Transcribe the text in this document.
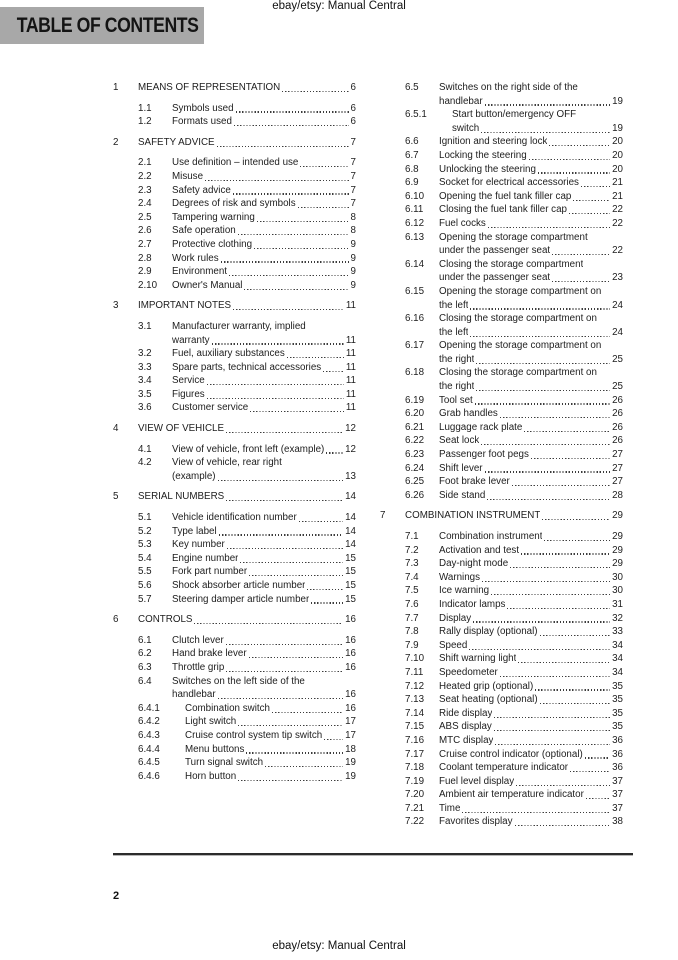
ebay/etsy: Manual Central
TABLE OF CONTENTS
1	MEANS OF REPRESENTATION	6
1.1	Symbols used	6
1.2	Formats used	6
2	SAFETY ADVICE	7
2.1	Use definition – intended use	7
2.2	Misuse	7
2.3	Safety advice	7
2.4	Degrees of risk and symbols	7
2.5	Tampering warning	8
2.6	Safe operation	8
2.7	Protective clothing	9
2.8	Work rules	9
2.9	Environment	9
2.10	Owner's Manual	9
3	IMPORTANT NOTES	11
3.1	Manufacturer warranty, implied
warranty	11
3.2	Fuel, auxiliary substances	11
3.3	Spare parts, technical accessories	11
3.4	Service	11
3.5	Figures	11
3.6	Customer service	11
4	VIEW OF VEHICLE	12
4.1	View of vehicle, front left (example) 12
4.2	View of vehicle, rear right
(example)	13
5	SERIAL NUMBERS	14
5.1	Vehicle identification number	14
5.2	Type label	14
5.3	Key number	14
5.4	Engine number	15
5.5	Fork part number	15
5.6	Shock absorber article number	15
5.7	Steering damper article number	15
6	CONTROLS	16
6.1	Clutch lever	16
6.2	Hand brake lever	16
6.3	Throttle grip	16
6.4	Switches on the left side of the
handlebar	16
6.4.1	Combination switch	16
6.4.2	Light switch	17
6.4.3	Cruise control system tip switch 17
6.4.4	Menu buttons	18
6.4.5	Turn signal switch	19
6.4.6	Horn button	19
6.5	Switches on the right side of the
handlebar	19
6.5.1	Start button/emergency OFF
switch	19
6.6	Ignition and steering lock	20
6.7	Locking the steering	20
6.8	Unlocking the steering	20
6.9	Socket for electrical accessories	21
6.10	Opening the fuel tank filler cap	21
6.11	Closing the fuel tank filler cap	22
6.12	Fuel cocks	22
6.13	Opening the storage compartment
under the passenger seat	22
6.14	Closing the storage compartment
under the passenger seat	23
6.15	Opening the storage compartment on
the left	24
6.16	Closing the storage compartment on
the left	24
6.17	Opening the storage compartment on
the right	25
6.18	Closing the storage compartment on
the right	25
6.19	Tool set	26
6.20	Grab handles	26
6.21	Luggage rack plate	26
6.22	Seat lock	26
6.23	Passenger foot pegs	27
6.24	Shift lever	27
6.25	Foot brake lever	27
6.26	Side stand	28
7	COMBINATION INSTRUMENT	29
7.1	Combination instrument	29
7.2	Activation and test	29
7.3	Day-night mode	29
7.4	Warnings	30
7.5	Ice warning	30
7.6	Indicator lamps	31
7.7	Display	32
7.8	Rally display (optional)	33
7.9	Speed	34
7.10	Shift warning light	34
7.11	Speedometer	34
7.12	Heated grip (optional)	35
7.13	Seat heating (optional)	35
7.14	Ride display	35
7.15	ABS display	35
7.16	MTC display	36
7.17	Cruise control indicator (optional)	36
7.18	Coolant temperature indicator	36
7.19	Fuel level display	37
7.20	Ambient air temperature indicator	37
7.21	Time	37
7.22	Favorites display	38
2
ebay/etsy: Manual Central
